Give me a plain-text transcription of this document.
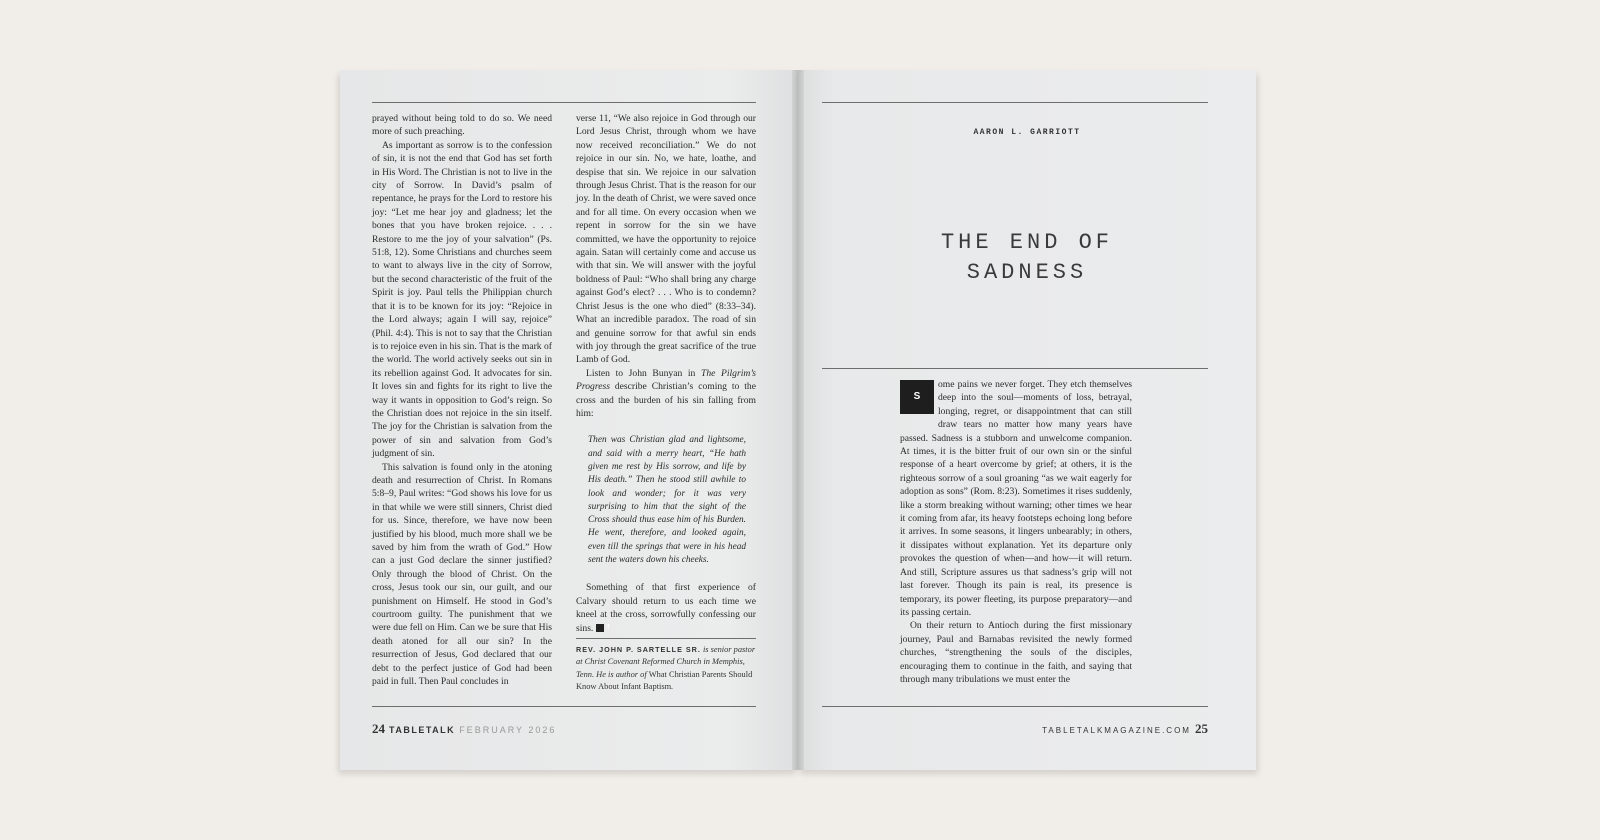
prayed without being told to do so. We need more of such preaching.

As important as sorrow is to the confession of sin, it is not the end that God has set forth in His Word. The Christian is not to live in the city of Sorrow. In David’s psalm of repentance, he prays for the Lord to restore his joy: “Let me hear joy and gladness; let the bones that you have broken rejoice. . . . Restore to me the joy of your salvation” (Ps. 51:8, 12). Some Christians and churches seem to want to always live in the city of Sorrow, but the second characteristic of the fruit of the Spirit is joy. Paul tells the Philippian church that it is to be known for its joy: “Rejoice in the Lord always; again I will say, rejoice” (Phil. 4:4). This is not to say that the Christian is to rejoice even in his sin. That is the mark of the world. The world actively seeks out sin in its rebellion against God. It advocates for sin. It loves sin and fights for its right to live the way it wants in opposition to God’s reign. So the Christian does not rejoice in the sin itself. The joy for the Christian is salvation from the power of sin and salvation from God’s judgment of sin.

This salvation is found only in the atoning death and resurrection of Christ. In Romans 5:8–9, Paul writes: “God shows his love for us in that while we were still sinners, Christ died for us. Since, therefore, we have now been justified by his blood, much more shall we be saved by him from the wrath of God.” How can a just God declare the sinner justified? Only through the blood of Christ. On the cross, Jesus took our sin, our guilt, and our punishment on Himself. He stood in God’s courtroom guilty. The punishment that we were due fell on Him. Can we be sure that His death atoned for all our sin? In the resurrection of Jesus, God declared that our debt to the perfect justice of God had been paid in full. Then Paul concludes in

verse 11, “We also rejoice in God through our Lord Jesus Christ, through whom we have now received reconciliation.” We do not rejoice in our sin. No, we hate, loathe, and despise that sin. We rejoice in our salvation through Jesus Christ. That is the reason for our joy. In the death of Christ, we were saved once and for all time. On every occasion when we repent in sorrow for the sin we have committed, we have the opportunity to rejoice again. Satan will certainly come and accuse us with that sin. We will answer with the joyful boldness of Paul: “Who shall bring any charge against God’s elect? . . . Who is to condemn? Christ Jesus is the one who died” (8:33–34). What an incredible paradox. The road of sin and genuine sorrow for that awful sin ends with joy through the great sacrifice of the true Lamb of God.

Listen to John Bunyan in The Pilgrim’s Progress describe Christian’s coming to the cross and the burden of his sin falling from him:

Then was Christian glad and lightsome, and said with a merry heart, “He hath given me rest by His sorrow, and life by His death.” Then he stood still awhile to look and wonder; for it was very surprising to him that the sight of the Cross should thus ease him of his Burden. He went, therefore, and looked again, even till the springs that were in his head sent the waters down his cheeks.

Something of that first experience of Calvary should return to us each time we kneel at the cross, sorrowfully confessing our sins. T

REV. JOHN P. SARTELLE SR. is senior pastor at Christ Covenant Reformed Church in Memphis, Tenn. He is author of What Christian Parents Should Know About Infant Baptism.
24 TABLETALK FEBRUARY 2026
AARON L. GARRIOTT
THE END OF
SADNESS
S

ome pains we never forget. They etch themselves deep into the soul—moments of loss, betrayal, longing, regret, or disappointment that can still draw tears no matter how many years have passed. Sadness is a stubborn and unwelcome companion. At times, it is the bitter fruit of our own sin or the sinful response of a heart overcome by grief; at others, it is the righteous sorrow of a soul groaning “as we wait eagerly for adoption as sons” (Rom. 8:23). Sometimes it rises suddenly, like a storm breaking without warning; other times we hear it coming from afar, its heavy footsteps echoing long before it arrives. In some seasons, it lingers unbearably; in others, it dissipates without explanation. Yet its departure only provokes the question of when—and how—it will return. And still, Scripture assures us that sadness’s grip will not last forever. Though its pain is real, its presence is temporary, its power fleeting, its purpose preparatory—and its passing certain.

On their return to Antioch during the first missionary journey, Paul and Barnabas revisited the newly formed churches, “strengthening the souls of the disciples, encouraging them to continue in the faith, and saying that through many tribulations we must enter the

TABLETALKMAGAZINE.COM 25
